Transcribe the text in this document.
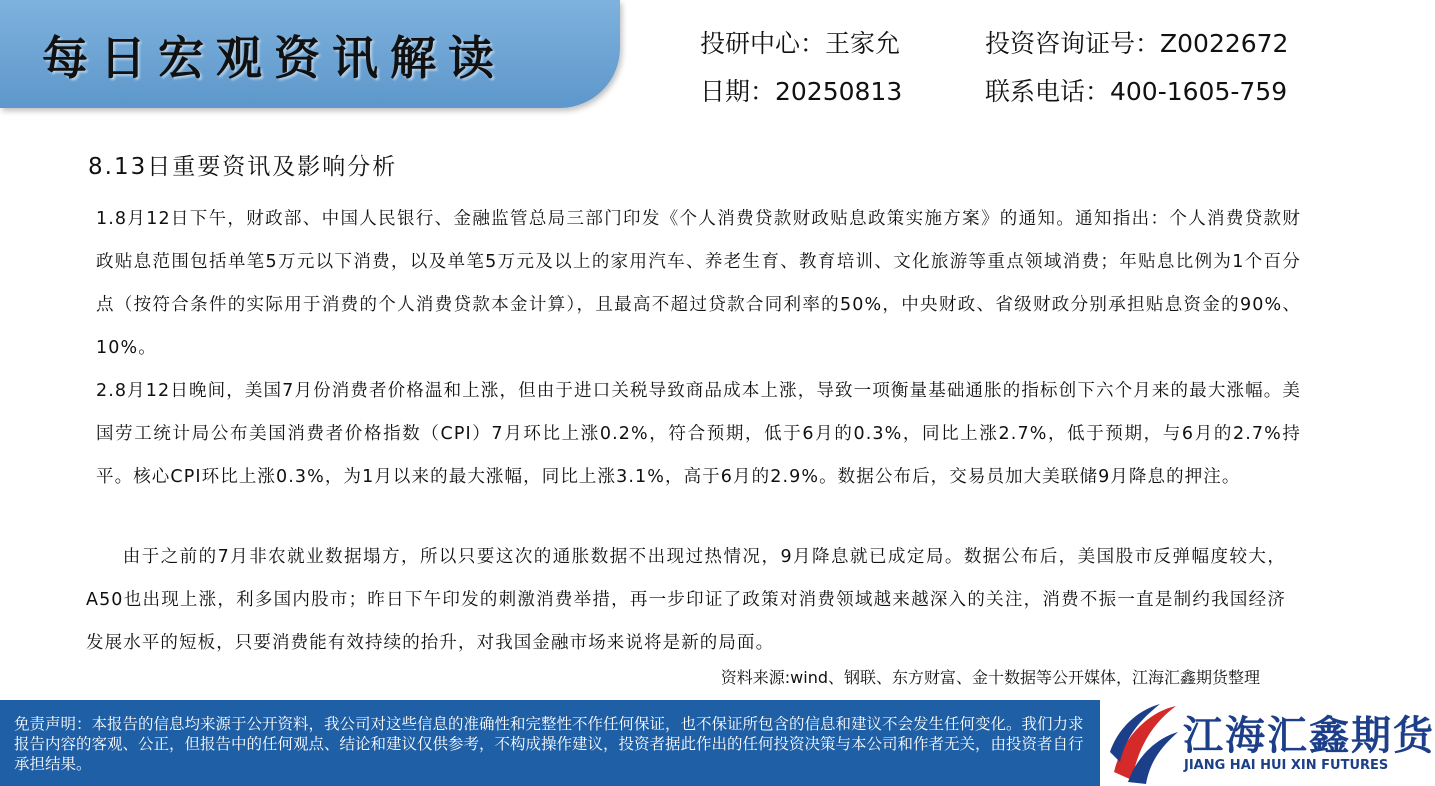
每日宏观资讯解读	投研中心：王家允
日期：20250813
投资咨询证号：Z0022672
联系电话：400-1605-759
8.13日重要资讯及影响分析
1.8月12日下午，财政部、中国人民银行、金融监管总局三部门印发《个人消费贷款财政贴息政策实施方案》的通知。通知指出：个人消费贷款财政贴息范围包括单笔5万元以下消费，以及单笔5万元及以上的家用汽车、养老生育、教育培训、文化旅游等重点领域消费；年贴息比例为1个百分点（按符合条件的实际用于消费的个人消费贷款本金计算），且最高不超过贷款合同利率的50%，中央财政、省级财政分别承担贴息资金的90%、10%。
2.8月12日晚间，美国7月份消费者价格温和上涨，但由于进口关税导致商品成本上涨，导致一项衡量基础通胀的指标创下六个月来的最大涨幅。美国劳工统计局公布美国消费者价格指数（CPI）7月环比上涨0.2%，符合预期，低于6月的0.3%，同比上涨2.7%，低于预期，与6月的2.7%持平。核心CPI环比上涨0.3%，为1月以来的最大涨幅，同比上涨3.1%，高于6月的2.9%。数据公布后，交易员加大美联储9月降息的押注。
由于之前的7月非农就业数据塌方，所以只要这次的通胀数据不出现过热情况，9月降息就已成定局。数据公布后，美国股市反弹幅度较大，A50也出现上涨，利多国内股市；昨日下午印发的刺激消费举措，再一步印证了政策对消费领域越来越深入的关注，消费不振一直是制约我国经济发展水平的短板，只要消费能有效持续的抬升，对我国金融市场来说将是新的局面。
资料来源:wind、钢联、东方财富、金十数据等公开媒体，江海汇鑫期货整理
免责声明：本报告的信息均来源于公开资料，我公司对这些信息的准确性和完整性不作任何保证，也不保证所包含的信息和建议不会发生任何变化。我们力求报告内容的客观、公正，但报告中的任何观点、结论和建议仅供参考，不构成操作建议，投资者据此作出的任何投资决策与本公司和作者无关，由投资者自行承担结果。
江海汇鑫期货
JIANG HAI HUI XIN FUTURES
